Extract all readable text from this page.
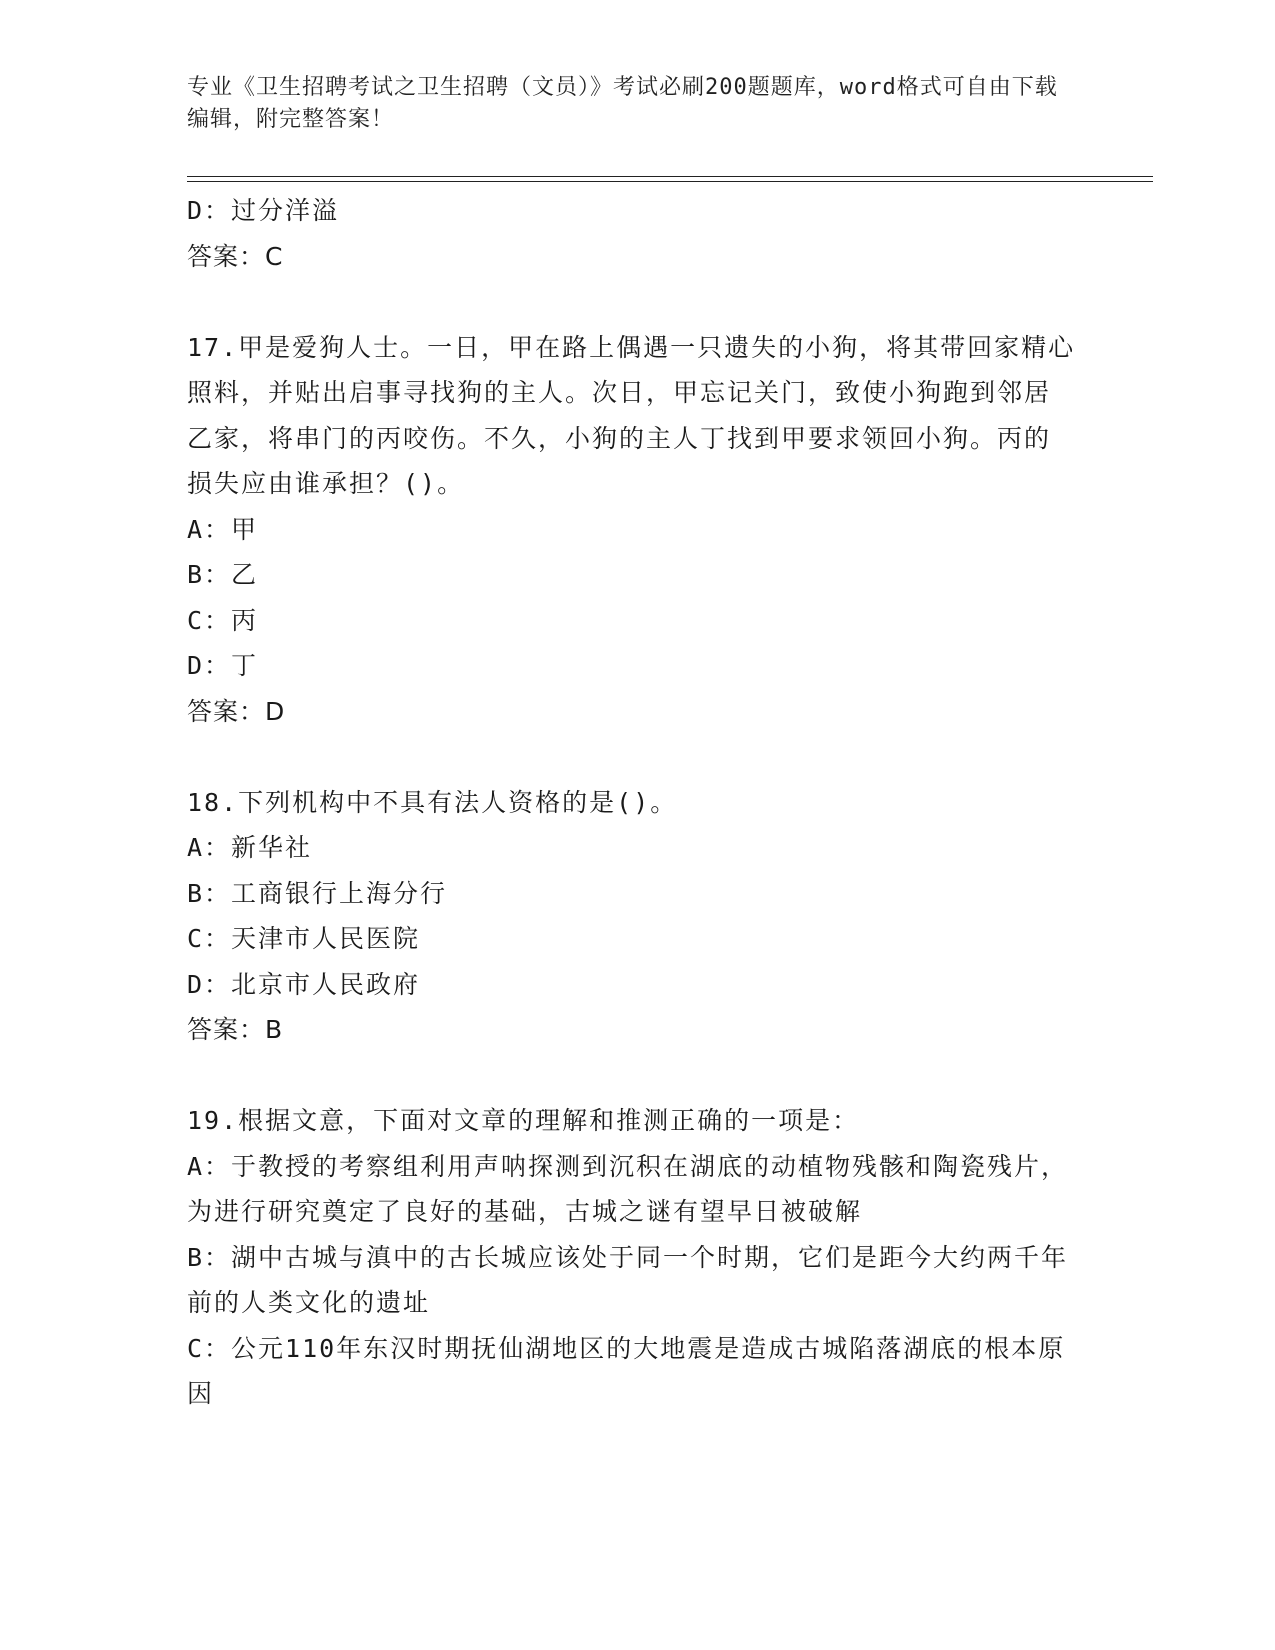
专业《卫生招聘考试之卫生招聘（文员）》考试必刷200题题库，word格式可自由下载编辑，附完整答案！
D：过分洋溢
答案：C

17.甲是爱狗人士。一日，甲在路上偶遇一只遗失的小狗，将其带回家精心照料，并贴出启事寻找狗的主人。次日，甲忘记关门，致使小狗跑到邻居乙家，将串门的丙咬伤。不久，小狗的主人丁找到甲要求领回小狗。丙的损失应由谁承担？()。

A：甲

B：乙

C：丙

D：丁

答案：D

18.下列机构中不具有法人资格的是()。

A：新华社

B：工商银行上海分行

C：天津市人民医院

D：北京市人民政府

答案：B

19.根据文意，下面对文章的理解和推测正确的一项是：

A：于教授的考察组利用声呐探测到沉积在湖底的动植物残骸和陶瓷残片，为进行研究奠定了良好的基础，古城之谜有望早日被破解

B：湖中古城与滇中的古长城应该处于同一个时期，它们是距今大约两千年前的人类文化的遗址

C：公元110年东汉时期抚仙湖地区的大地震是造成古城陷落湖底的根本原因
